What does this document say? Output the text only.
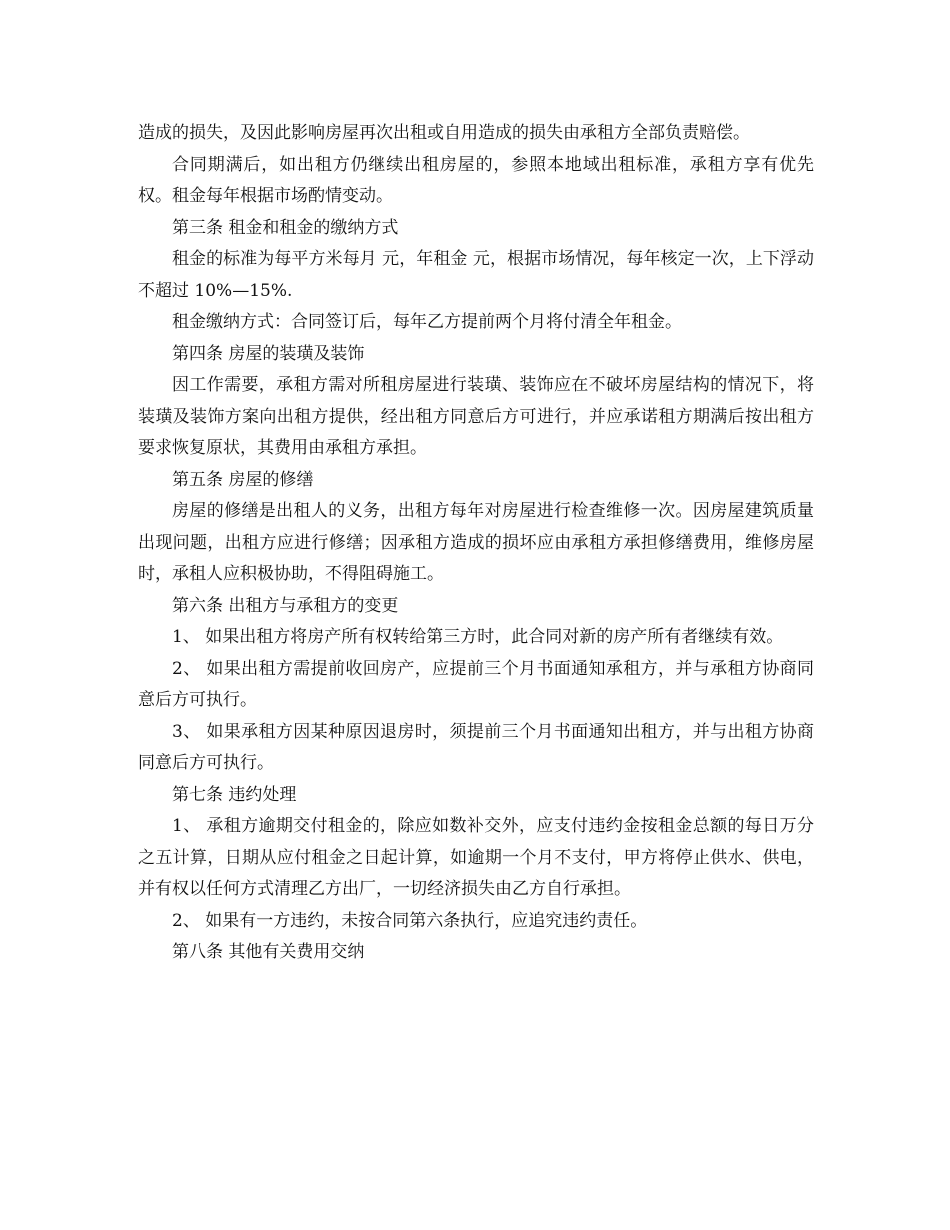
造成的损失，及因此影响房屋再次出租或自用造成的损失由承租方全部负责赔偿。

合同期满后，如出租方仍继续出租房屋的，参照本地域出租标准，承租方享有优先权。租金每年根据市场酌情变动。

第三条 租金和租金的缴纳方式

租金的标准为每平方米每月 元，年租金 元，根据市场情况，每年核定一次，上下浮动不超过 10%—15%.

租金缴纳方式：合同签订后，每年乙方提前两个月将付清全年租金。

第四条 房屋的装璜及装饰

因工作需要，承租方需对所租房屋进行装璜、装饰应在不破坏房屋结构的情况下，将装璜及装饰方案向出租方提供，经出租方同意后方可进行，并应承诺租方期满后按出租方要求恢复原状，其费用由承租方承担。

第五条 房屋的修缮

房屋的修缮是出租人的义务，出租方每年对房屋进行检查维修一次。因房屋建筑质量出现问题，出租方应进行修缮；因承租方造成的损坏应由承租方承担修缮费用，维修房屋时，承租人应积极协助，不得阻碍施工。

第六条 出租方与承租方的变更

1、 如果出租方将房产所有权转给第三方时，此合同对新的房产所有者继续有效。

2、 如果出租方需提前收回房产，应提前三个月书面通知承租方，并与承租方协商同意后方可执行。

3、 如果承租方因某种原因退房时，须提前三个月书面通知出租方，并与出租方协商同意后方可执行。

第七条 违约处理

1、 承租方逾期交付租金的，除应如数补交外，应支付违约金按租金总额的每日万分之五计算，日期从应付租金之日起计算，如逾期一个月不支付，甲方将停止供水、供电，并有权以任何方式清理乙方出厂，一切经济损失由乙方自行承担。

2、 如果有一方违约，未按合同第六条执行，应追究违约责任。

第八条 其他有关费用交纳
